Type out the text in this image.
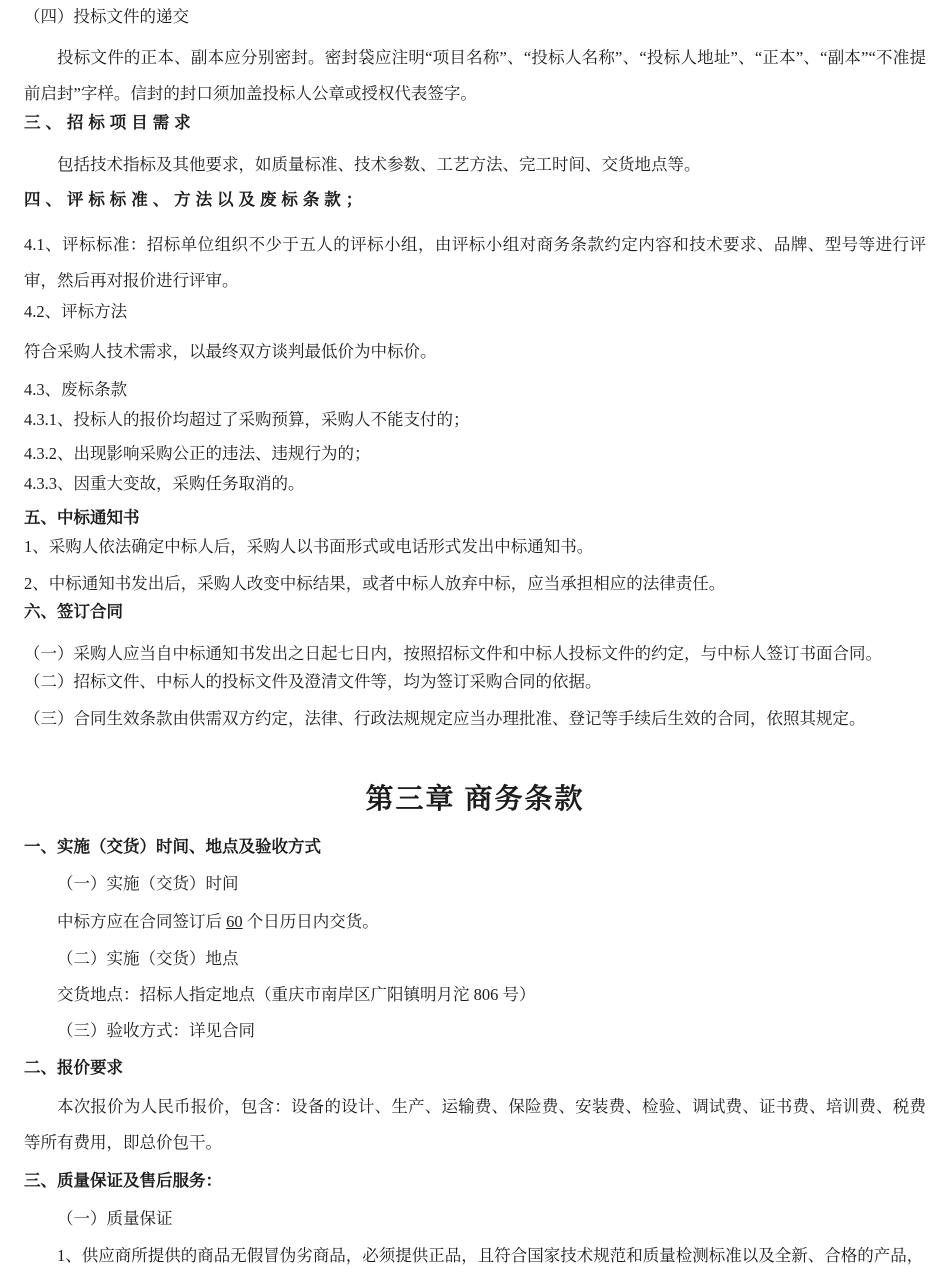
（四）投标文件的递交

投标文件的正本、副本应分别密封。密封袋应注明“项目名称”、“投标人名称”、“投标人地址”、“正本”、“副本”“不准提前启封”字样。信封的封口须加盖投标人公章或授权代表签字。

三、招标项目需求

包括技术指标及其他要求，如质量标准、技术参数、工艺方法、完工时间、交货地点等。

四、评标标准、方法以及废标条款；

4.1、评标标准：招标单位组织不少于五人的评标小组，由评标小组对商务条款约定内容和技术要求、品牌、型号等进行评审，然后再对报价进行评审。

4.2、评标方法

符合采购人技术需求，以最终双方谈判最低价为中标价。

4.3、废标条款

4.3.1、投标人的报价均超过了采购预算，采购人不能支付的；

4.3.2、出现影响采购公正的违法、违规行为的；

4.3.3、因重大变故，采购任务取消的。

五、中标通知书

1、采购人依法确定中标人后，采购人以书面形式或电话形式发出中标通知书。

2、中标通知书发出后，采购人改变中标结果，或者中标人放弃中标，应当承担相应的法律责任。

六、签订合同

（一）采购人应当自中标通知书发出之日起七日内，按照招标文件和中标人投标文件的约定，与中标人签订书面合同。

（二）招标文件、中标人的投标文件及澄清文件等，均为签订采购合同的依据。

（三）合同生效条款由供需双方约定，法律、行政法规规定应当办理批准、登记等手续后生效的合同，依照其规定。

第三章 商务条款

一、实施（交货）时间、地点及验收方式

（一）实施（交货）时间

中标方应在合同签订后 60 个日历日内交货。

（二）实施（交货）地点

交货地点：招标人指定地点（重庆市南岸区广阳镇明月沱 806 号）

（三）验收方式：详见合同

二、报价要求

本次报价为人民币报价，包含：设备的设计、生产、运输费、保险费、安装费、检验、调试费、证书费、培训费、税费等所有费用，即总价包干。

三、质量保证及售后服务：

（一）质量保证

1、供应商所提供的商品无假冒伪劣商品，必须提供正品，且符合国家技术规范和质量检测标准以及全新、合格的产品，
